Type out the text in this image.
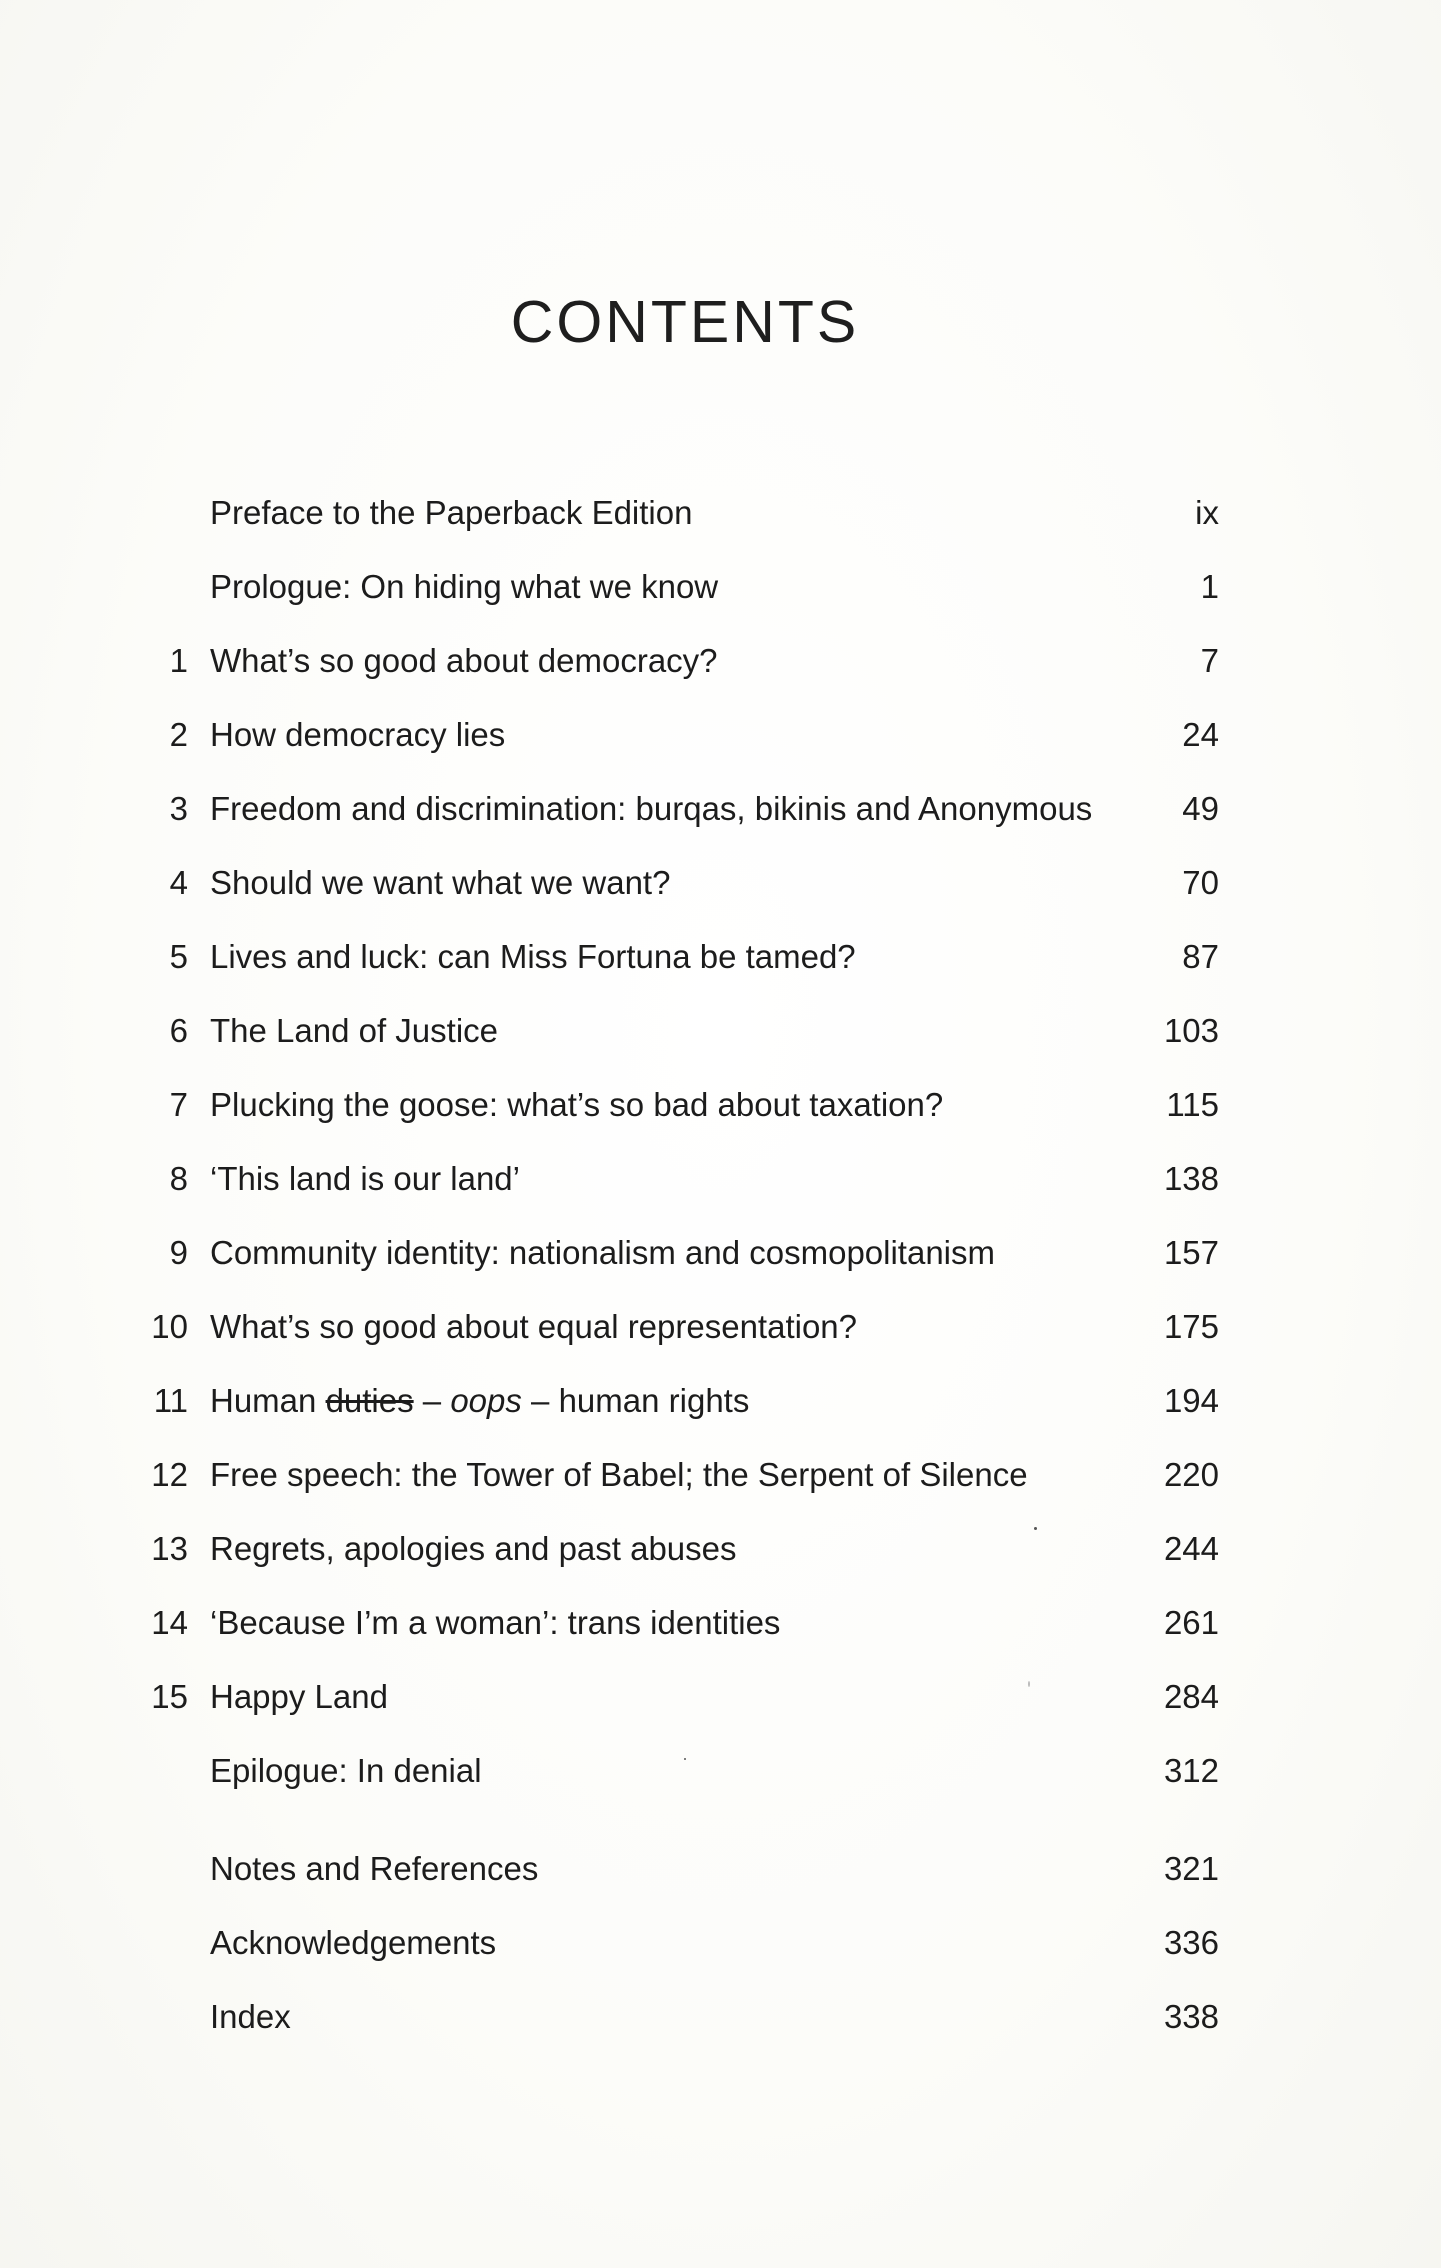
CONTENTS
Preface to the Paperback Edition	ix
Prologue: On hiding what we know	1
1 What’s so good about democracy?	7
2 How democracy lies	24
3 Freedom and discrimination: burqas, bikinis and Anonymous	49
4 Should we want what we want?	70
5 Lives and luck: can Miss Fortuna be tamed?	87
6 The Land of Justice	103
7 Plucking the goose: what’s so bad about taxation?	115
8 ‘This land is our land’	138
9 Community identity: nationalism and cosmopolitanism	157
10 What’s so good about equal representation?	175
11 Human duties – oops – human rights	194
12 Free speech: the Tower of Babel; the Serpent of Silence	220
13 Regrets, apologies and past abuses	244
14 ‘Because I’m a woman’: trans identities	261
15 Happy Land	284
Epilogue: In denial	312
Notes and References	321
Acknowledgements	336
Index	338
